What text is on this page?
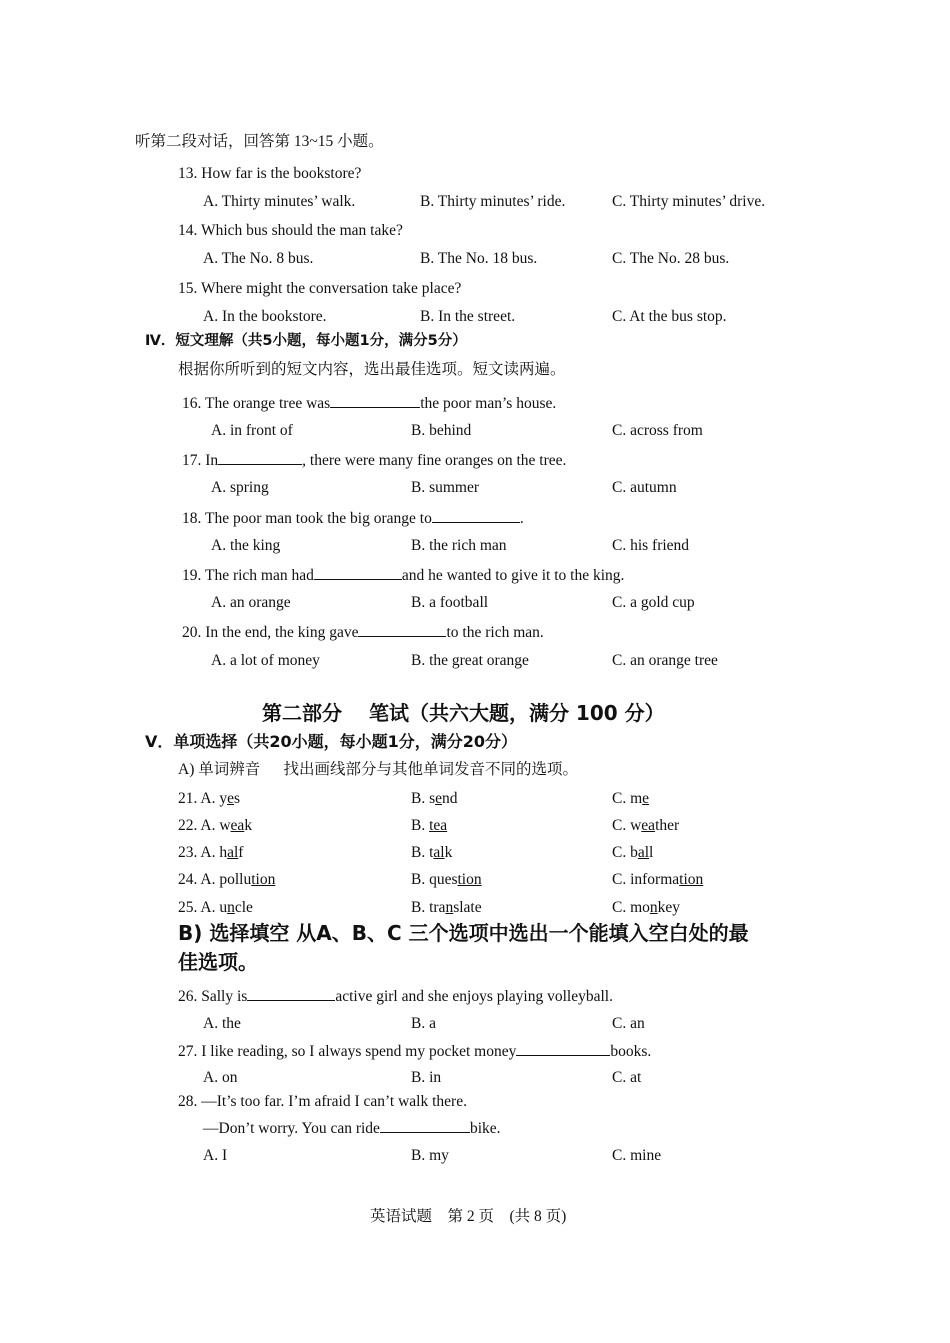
听第二段对话，回答第 13~15 小题。
13. How far is the bookstore?
A. Thirty minutes’ walk.	B. Thirty minutes’ ride.	C. Thirty minutes’ drive.
14. Which bus should the man take?
A. The No. 8 bus.	B. The No. 18 bus.	C. The No. 28 bus.
15. Where might the conversation take place?
A. In the bookstore.	B. In the street.	C. At the bus stop.
Ⅳ．短文理解（共5小题，每小题1分，满分5分）
根据你所听到的短文内容，选出最佳选项。短文读两遍。
16. The orange tree was	the poor man’s house.
A. in front of	B. behind	C. across from
17. In	, there were many fine oranges on the tree.
A. spring	B. summer	C. autumn
18. The poor man took the big orange to	.
A. the king	B. the rich man	C. his friend
19. The rich man had	and he wanted to give it to the king.
A. an orange	B. a football	C. a gold cup
20. In the end, the king gave	to the rich man.
A. a lot of money	B. the great orange	C. an orange tree
第二部分　 笔试（共六大题，满分 100 分）
Ⅴ．单项选择（共20小题，每小题1分，满分20分）
A) 单词辨音 　 找出画线部分与其他单词发音不同的选项。
21. A. yes	B. send	C. me
22. A. weak	B. tea	C. weather
23. A. half	B. talk	C. ball
24. A. pollution	B. question	C. information
25. A. uncle	B. translate	C. monkey
B) 选择填空 从A、B、C 三个选项中选出一个能填入空白处的最
佳选项。
26. Sally is	active girl and she enjoys playing volleyball.
A. the	B. a	C. an
27. I like reading, so I always spend my pocket money	books.
A. on	B. in	C. at
28. —It’s too far. I’m afraid I can’t walk there.
—Don’t worry. You can ride	bike.
A. I	B. my	C. mine
英语试题　第 2 页　(共 8 页)
